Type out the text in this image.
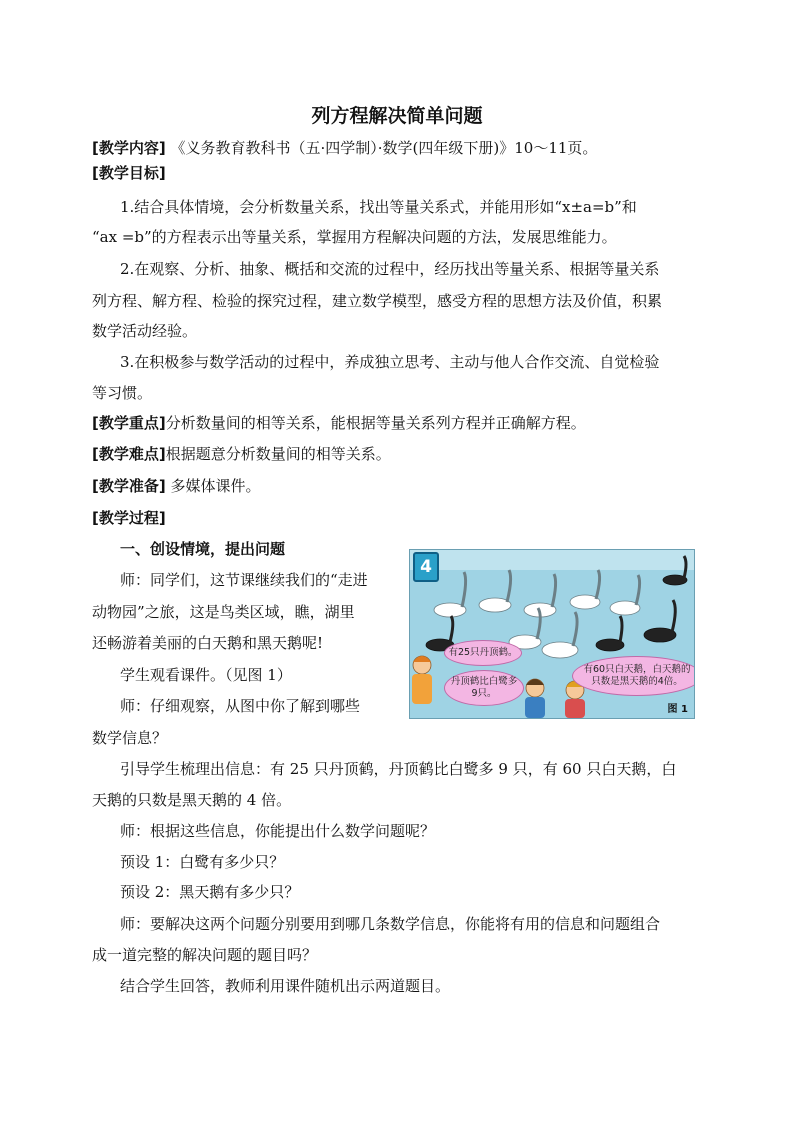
列方程解决简单问题
[教学内容] 《义务教育教科书（五·四学制）·数学(四年级下册)》10～11页。
[教学目标]
1.结合具体情境，会分析数量关系，找出等量关系式，并能用形如“x±a=b”和
“ax =b”的方程表示出等量关系，掌握用方程解决问题的方法，发展思维能力。
2.在观察、分析、抽象、概括和交流的过程中，经历找出等量关系、根据等量关系
列方程、解方程、检验的探究过程，建立数学模型，感受方程的思想方法及价值，积累
数学活动经验。
3.在积极参与数学活动的过程中，养成独立思考、主动与他人合作交流、自觉检验
等习惯。
[教学重点]分析数量间的相等关系，能根据等量关系列方程并正确解方程。
[教学难点]根据题意分析数量间的相等关系。
[教学准备] 多媒体课件。
[教学过程]
一、创设情境，提出问题
师：同学们，这节课继续我们的“走进
动物园”之旅，这是鸟类区域，瞧，湖里
还畅游着美丽的白天鹅和黑天鹅呢!
学生观看课件。（见图 1）
师：仔细观察，从图中你了解到哪些
数学信息？
引导学生梳理出信息：有 25 只丹顶鹤，丹顶鹤比白鹭多 9 只，有 60 只白天鹅，白
天鹅的只数是黑天鹅的 4 倍。
师：根据这些信息，你能提出什么数学问题呢？
预设 1：白鹭有多少只？
预设 2：黑天鹅有多少只？
师：要解决这两个问题分别要用到哪几条数学信息，你能将有用的信息和问题组合
成一道完整的解决问题的题目吗？
结合学生回答，教师利用课件随机出示两道题目。
4
有25只丹顶鹤。
丹顶鹤比白鹭多9只。
有60只白天鹅，白天鹅的只数是黑天鹅的4倍。
图 1
